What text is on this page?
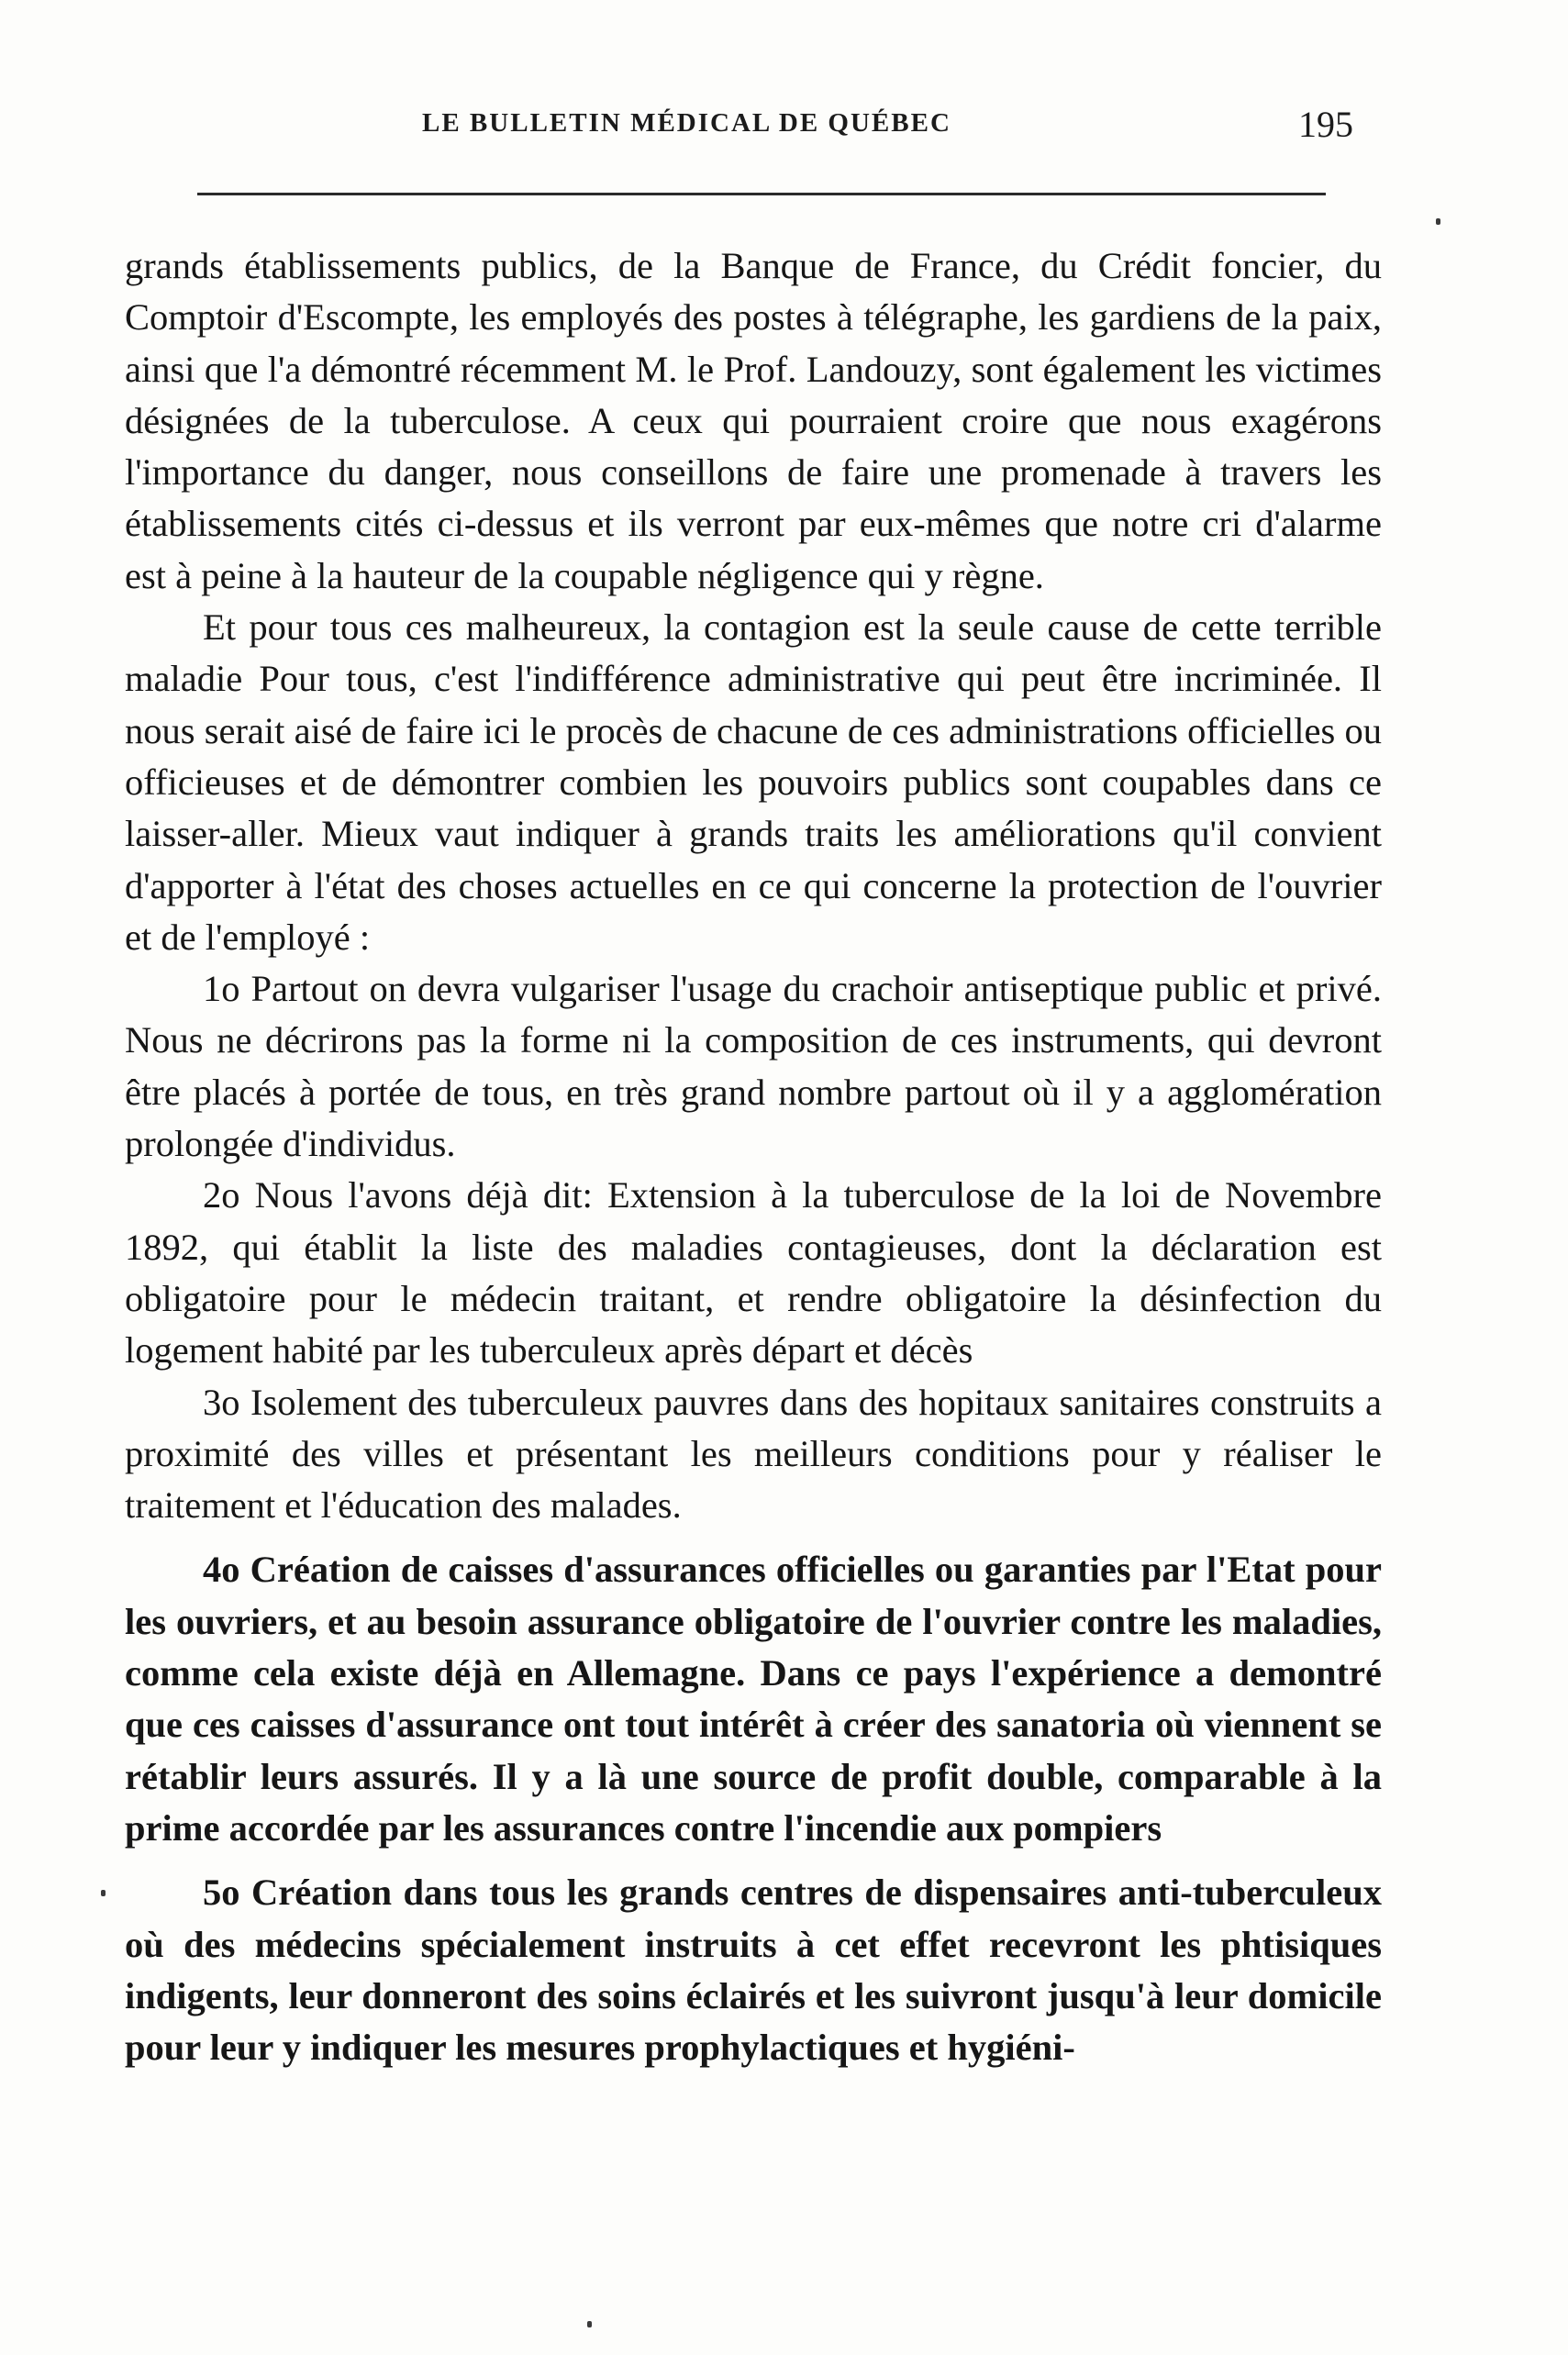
LE BULLETIN MÉDICAL DE QUÉBEC	195

grands établissements publics, de la Banque de France, du Crédit foncier, du Comptoir d'Escompte, les employés des postes à télégraphe, les gardiens de la paix, ainsi que l'a démontré récemment M. le Prof. Landouzy, sont également les victimes désignées de la tuberculose. A ceux qui pourraient croire que nous exagérons l'importance du danger, nous conseillons de faire une promenade à travers les établissements cités ci-dessus et ils verront par eux-mêmes que notre cri d'alarme est à peine à la hauteur de la coupable négligence qui y règne.

Et pour tous ces malheureux, la contagion est la seule cause de cette terrible maladie Pour tous, c'est l'indifférence administrative qui peut être incriminée. Il nous serait aisé de faire ici le procès de chacune de ces administrations officielles ou officieuses et de démontrer combien les pouvoirs publics sont coupables dans ce laisser-aller. Mieux vaut indiquer à grands traits les améliorations qu'il convient d'apporter à l'état des choses actuelles en ce qui concerne la protection de l'ouvrier et de l'employé :

1o Partout on devra vulgariser l'usage du crachoir antiseptique public et privé. Nous ne décrirons pas la forme ni la composition de ces instruments, qui devront être placés à portée de tous, en très grand nombre partout où il y a agglomération prolongée d'individus.

2o Nous l'avons déjà dit: Extension à la tuberculose de la loi de Novembre 1892, qui établit la liste des maladies contagieuses, dont la déclaration est obligatoire pour le médecin traitant, et rendre obligatoire la désinfection du logement habité par les tuberculeux après départ et décès

3o Isolement des tuberculeux pauvres dans des hopitaux sanitaires construits a proximité des villes et présentant les meilleurs conditions pour y réaliser le traitement et l'éducation des malades.

4o Création de caisses d'assurances officielles ou garanties par l'Etat pour les ouvriers, et au besoin assurance obligatoire de l'ouvrier contre les maladies, comme cela existe déjà en Allemagne. Dans ce pays l'expérience a demontré que ces caisses d'assurance ont tout intérêt à créer des sanatoria où viennent se rétablir leurs assurés. Il y a là une source de profit double, comparable à la prime accordée par les assurances contre l'incendie aux pompiers

5o Création dans tous les grands centres de dispensaires anti-tuberculeux où des médecins spécialement instruits à cet effet recevront les phtisiques indigents, leur donneront des soins éclairés et les suivront jusqu'à leur domicile pour leur y indiquer les mesures prophylactiques et hygiéni-
